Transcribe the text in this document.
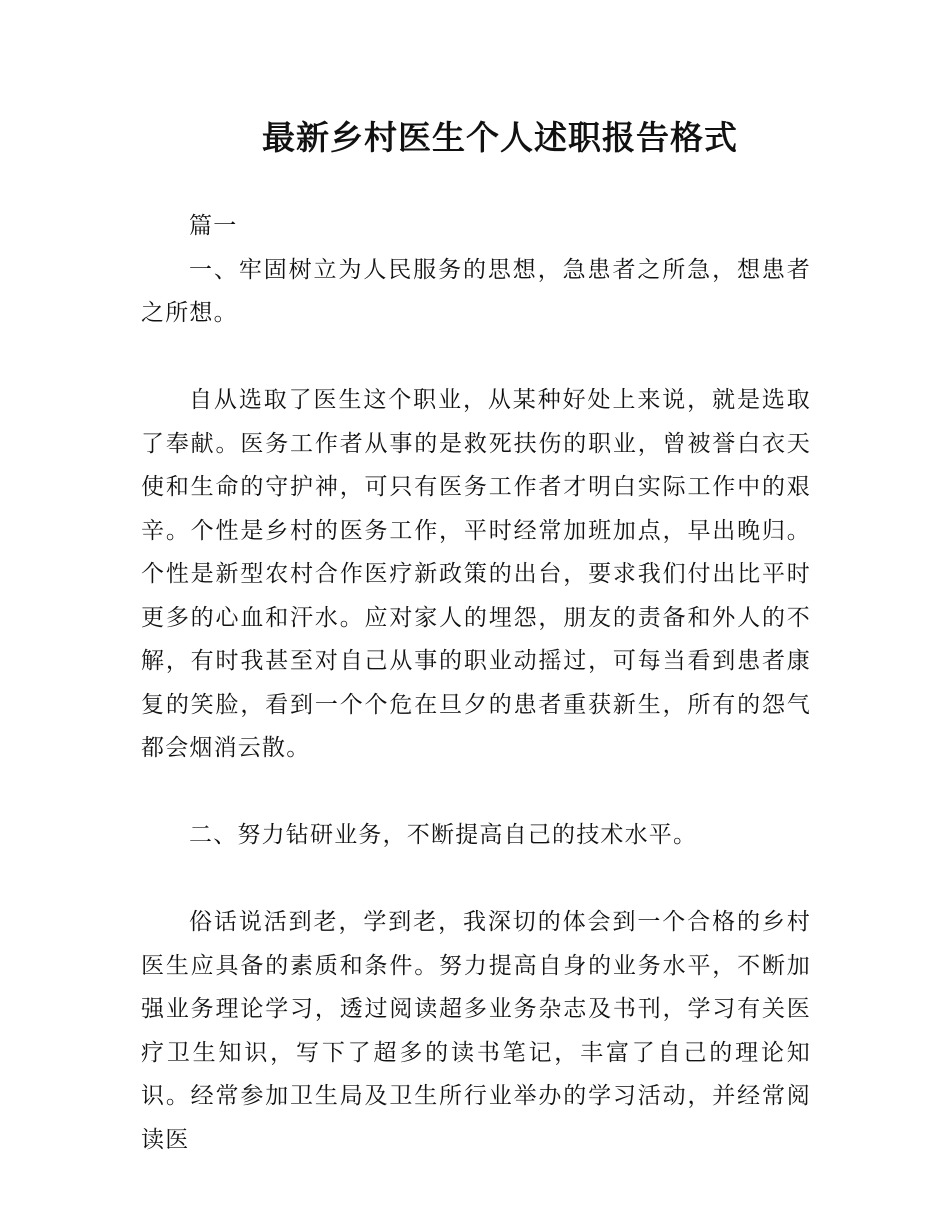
最新乡村医生个人述职报告格式

篇一

一、牢固树立为人民服务的思想，急患者之所急，想患者之所想。

自从选取了医生这个职业，从某种好处上来说，就是选取了奉献。医务工作者从事的是救死扶伤的职业，曾被誉白衣天使和生命的守护神，可只有医务工作者才明白实际工作中的艰辛。个性是乡村的医务工作，平时经常加班加点，早出晚归。个性是新型农村合作医疗新政策的出台，要求我们付出比平时更多的心血和汗水。应对家人的埋怨，朋友的责备和外人的不解，有时我甚至对自己从事的职业动摇过，可每当看到患者康复的笑脸，看到一个个危在旦夕的患者重获新生，所有的怨气都会烟消云散。

二、努力钻研业务，不断提高自己的技术水平。

俗话说活到老，学到老，我深切的体会到一个合格的乡村医生应具备的素质和条件。努力提高自身的业务水平，不断加强业务理论学习，透过阅读超多业务杂志及书刊，学习有关医疗卫生知识，写下了超多的读书笔记，丰富了自己的理论知识。经常参加卫生局及卫生所行业举办的学习活动，并经常阅读医
